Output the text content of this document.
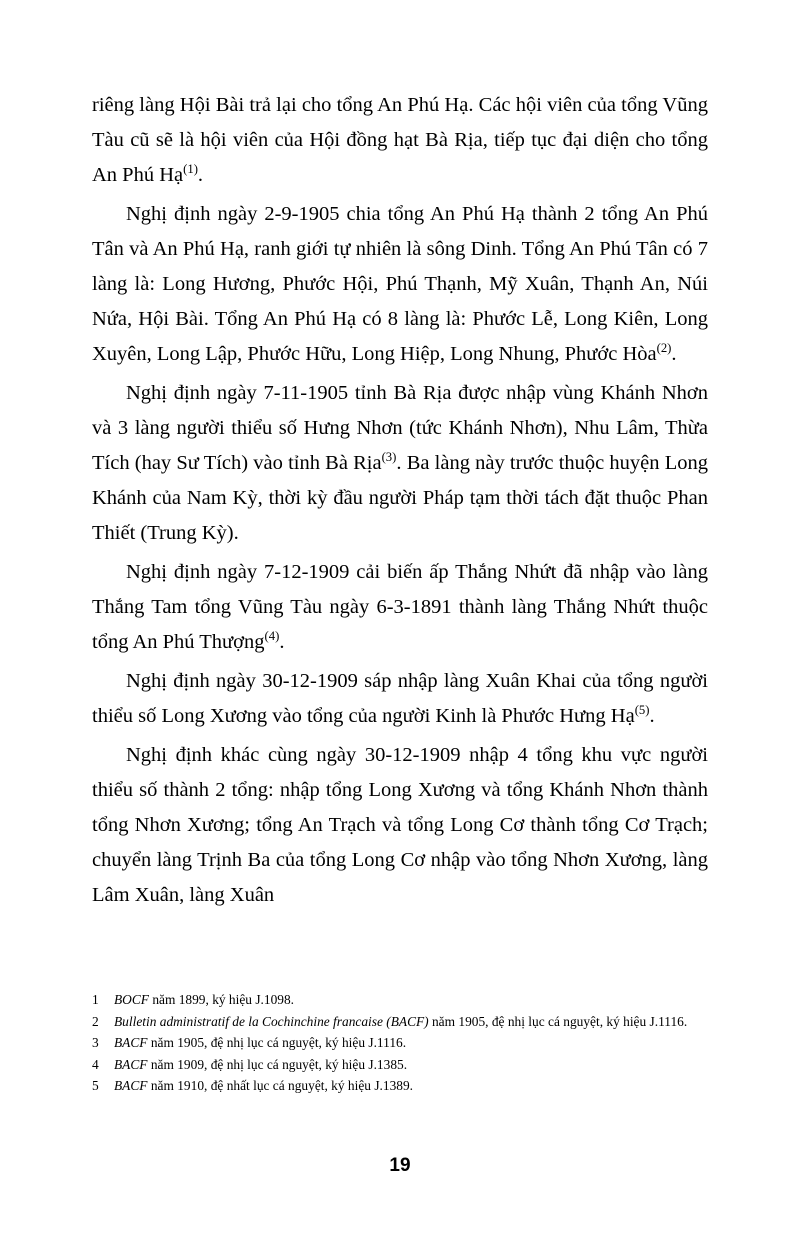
riêng làng Hội Bài trả lại cho tổng An Phú Hạ. Các hội viên của tổng Vũng Tàu cũ sẽ là hội viên của Hội đồng hạt Bà Rịa, tiếp tục đại diện cho tổng An Phú Hạ$^{(1)}$.

Nghị định ngày 2-9-1905 chia tổng An Phú Hạ thành 2 tổng An Phú Tân và An Phú Hạ, ranh giới tự nhiên là sông Dinh. Tổng An Phú Tân có 7 làng là: Long Hương, Phước Hội, Phú Thạnh, Mỹ Xuân, Thạnh An, Núi Nứa, Hội Bài. Tổng An Phú Hạ có 8 làng là: Phước Lễ, Long Kiên, Long Xuyên, Long Lập, Phước Hữu, Long Hiệp, Long Nhung, Phước Hòa$^{(2)}$.

Nghị định ngày 7-11-1905 tỉnh Bà Rịa được nhập vùng Khánh Nhơn và 3 làng người thiểu số Hưng Nhơn (tức Khánh Nhơn), Nhu Lâm, Thừa Tích (hay Sư Tích) vào tỉnh Bà Rịa$^{(3)}$. Ba làng này trước thuộc huyện Long Khánh của Nam Kỳ, thời kỳ đầu người Pháp tạm thời tách đặt thuộc Phan Thiết (Trung Kỳ).

Nghị định ngày 7-12-1909 cải biến ấp Thắng Nhứt đã nhập vào làng Thắng Tam tổng Vũng Tàu ngày 6-3-1891 thành làng Thắng Nhứt thuộc tổng An Phú Thượng$^{(4)}$.

Nghị định ngày 30-12-1909 sáp nhập làng Xuân Khai của tổng người thiểu số Long Xương vào tổng của người Kinh là Phước Hưng Hạ$^{(5)}$.

Nghị định khác cùng ngày 30-12-1909 nhập 4 tổng khu vực người thiểu số thành 2 tổng: nhập tổng Long Xương và tổng Khánh Nhơn thành tổng Nhơn Xương; tổng An Trạch và tổng Long Cơ thành tổng Cơ Trạch; chuyển làng Trịnh Ba của tổng Long Cơ nhập vào tổng Nhơn Xương, làng Lâm Xuân, làng Xuân

1	BOCF năm 1899, ký hiệu J.1098.
2	Bulletin administratif de la Cochinchine francaise (BACF) năm 1905, đệ nhị lục cá nguyệt, ký hiệu J.1116.
3	BACF năm 1905, đệ nhị lục cá nguyệt, ký hiệu J.1116.
4	BACF năm 1909, đệ nhị lục cá nguyệt, ký hiệu J.1385.
5	BACF năm 1910, đệ nhất lục cá nguyệt, ký hiệu J.1389.
19
